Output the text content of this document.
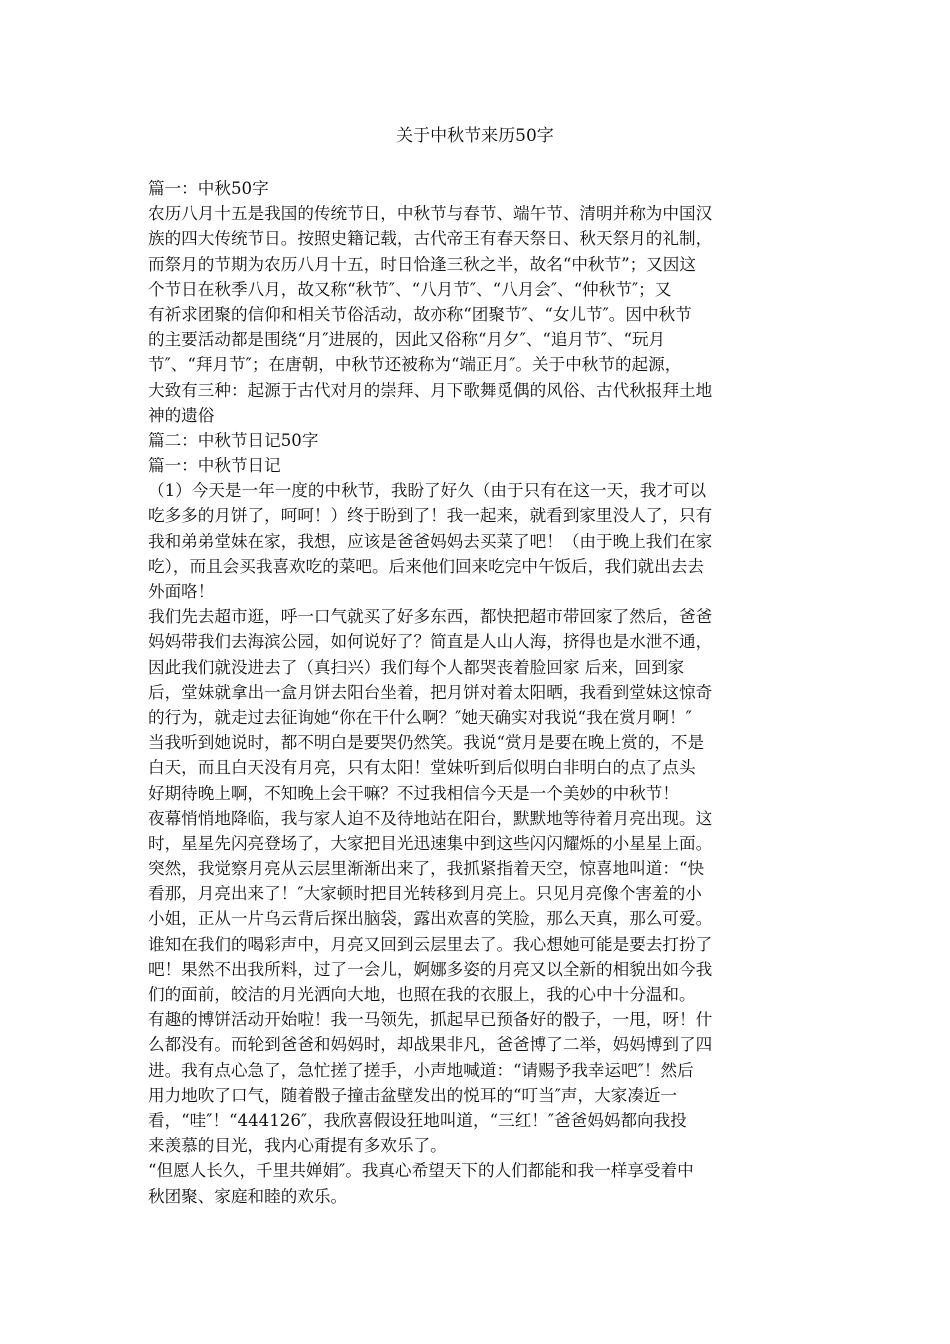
关于中秋节来历50字
篇一：中秋50字
农历八月十五是我国的传统节日，中秋节与春节、端午节、清明并称为中国汉
族的四大传统节日。按照史籍记载，古代帝王有春天祭日、秋天祭月的礼制，
而祭月的节期为农历八月十五，时日恰逢三秋之半，故名“中秋节”；又因这
个节日在秋季八月，故又称“秋节″、“八月节″、“八月会″、“仲秋节″；又
有祈求团聚的信仰和相关节俗活动，故亦称“团聚节″、“女儿节″。因中秋节
的主要活动都是围绕“月″进展的，因此又俗称“月夕″、“追月节″、“玩月
节″、“拜月节″；在唐朝，中秋节还被称为“端正月″。关于中秋节的起源，
大致有三种：起源于古代对月的崇拜、月下歌舞觅偶的风俗、古代秋报拜土地
神的遗俗
篇二：中秋节日记50字
篇一：中秋节日记
（1）今天是一年一度的中秋节，我盼了好久（由于只有在这一天，我才可以
吃多多的月饼了，呵呵！）终于盼到了！我一起来，就看到家里没人了，只有
我和弟弟堂妹在家，我想，应该是爸爸妈妈去买菜了吧！（由于晚上我们在家
吃），而且会买我喜欢吃的菜吧。后来他们回来吃完中午饭后，我们就出去去
外面咯！
我们先去超市逛，呼一口气就买了好多东西，都快把超市带回家了然后，爸爸
妈妈带我们去海滨公园，如何说好了？简直是人山人海，挤得也是水泄不通，
因此我们就没进去了（真扫兴）我们每个人都哭丧着脸回家 后来，回到家
后，堂妹就拿出一盒月饼去阳台坐着，把月饼对着太阳晒，我看到堂妹这惊奇
的行为，就走过去征询她“你在干什么啊？″她天确实对我说“我在赏月啊！″
当我听到她说时，都不明白是要哭仍然笑。我说“赏月是要在晚上赏的，不是
白天，而且白天没有月亮，只有太阳！堂妹听到后似明白非明白的点了点头
好期待晚上啊，不知晚上会干嘛？不过我相信今天是一个美妙的中秋节！
夜幕悄悄地降临，我与家人迫不及待地站在阳台，默默地等待着月亮出现。这
时，星星先闪亮登场了，大家把目光迅速集中到这些闪闪耀烁的小星星上面。
突然，我觉察月亮从云层里渐渐出来了，我抓紧指着天空，惊喜地叫道：“快
看那，月亮出来了！″大家顿时把目光转移到月亮上。只见月亮像个害羞的小
小姐，正从一片乌云背后探出脑袋，露出欢喜的笑脸，那么天真，那么可爱。
谁知在我们的喝彩声中，月亮又回到云层里去了。我心想她可能是要去打扮了
吧！果然不出我所料，过了一会儿，婀娜多姿的月亮又以全新的相貌出如今我
们的面前，皎洁的月光洒向大地，也照在我的衣服上，我的心中十分温和。
有趣的博饼活动开始啦！我一马领先，抓起早已预备好的骰子，一甩，呀！什
么都没有。而轮到爸爸和妈妈时，却战果非凡，爸爸博了二举，妈妈博到了四
进。我有点心急了，急忙搓了搓手，小声地喊道：“请赐予我幸运吧″！然后
用力地吹了口气，随着骰子撞击盆壁发出的悦耳的“叮当″声，大家凑近一
看，“哇″！“444126″，我欣喜假设狂地叫道，“三红！″爸爸妈妈都向我投
来羡慕的目光，我内心甭提有多欢乐了。
“但愿人长久，千里共婵娟″。我真心希望天下的人们都能和我一样享受着中
秋团聚、家庭和睦的欢乐。
